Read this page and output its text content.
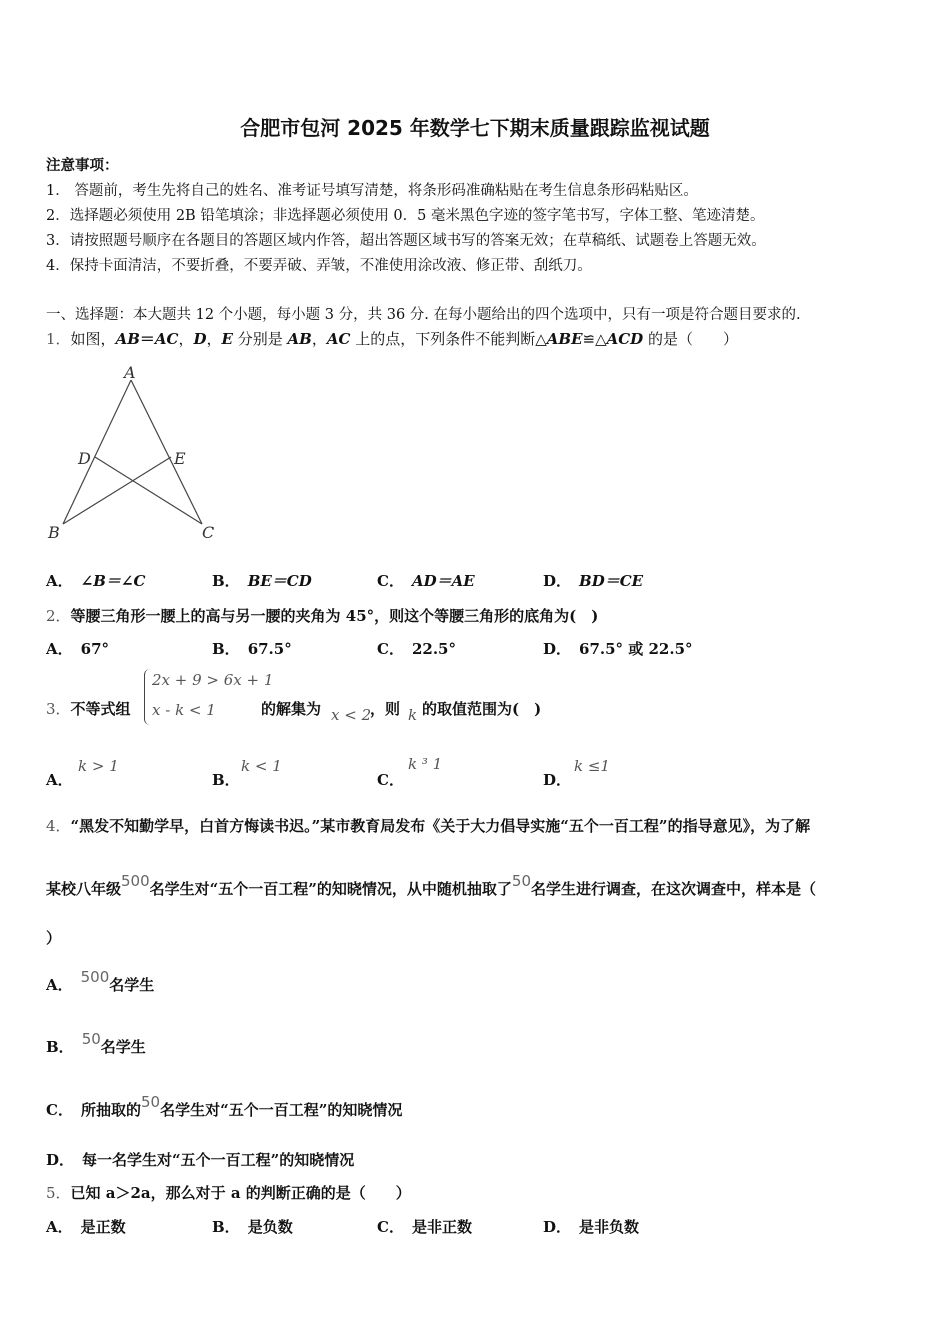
合肥市包河 2025 年数学七下期末质量跟踪监视试题
注意事项：
1． 答题前，考生先将自己的姓名、准考证号填写清楚，将条形码准确粘贴在考生信息条形码粘贴区。
2．选择题必须使用 2B 铅笔填涂；非选择题必须使用 0．5 毫米黑色字迹的签字笔书写，字体工整、笔迹清楚。
3．请按照题号顺序在各题目的答题区域内作答，超出答题区域书写的答案无效；在草稿纸、试题卷上答题无效。
4．保持卡面清洁，不要折叠，不要弄破、弄皱，不准使用涂改液、修正带、刮纸刀。
一、选择题：本大题共 12 个小题，每小题 3 分，共 36 分. 在每小题给出的四个选项中，只有一项是符合题目要求的.
1．如图，AB＝AC，D，E 分别是 AB，AC 上的点，下列条件不能判断△ABE≌△ACD 的是（　　）
A
D	E
B	C
A． ∠B＝∠C	B． BE＝CD	C． AD＝AE	D． BD＝CE
2．等腰三角形一腰上的高与另一腰的夹角为 45°，则这个等腰三角形的底角为(　)
A． 67°	B． 67.5°	C． 22.5°	D． 67.5° 或 22.5°
3．不等式组
2x + 9 > 6x + 1
x - k < 1	的解集为 x < 2
，则 k 的取值范围为(　)
A．
k > 1
B．
k < 1
C．
k ³ 1
D．
k ≤1
4．“黑发不知勤学早，白首方悔读书迟。”某市教育局发布《关于大力倡导实施“五个一百工程”的指导意见》，为了解
某校八年级500名学生对“五个一百工程”的知晓情况，从中随机抽取了50名学生进行调查，在这次调查中，样本是（
）
A． 500名学生
B． 50名学生
C． 所抽取的50名学生对“五个一百工程”的知晓情况
D． 每一名学生对“五个一百工程”的知晓情况
5．已知 a＞2a，那么对于 a 的判断正确的是（　　）
A． 是正数	B． 是负数	C． 是非正数	D． 是非负数
